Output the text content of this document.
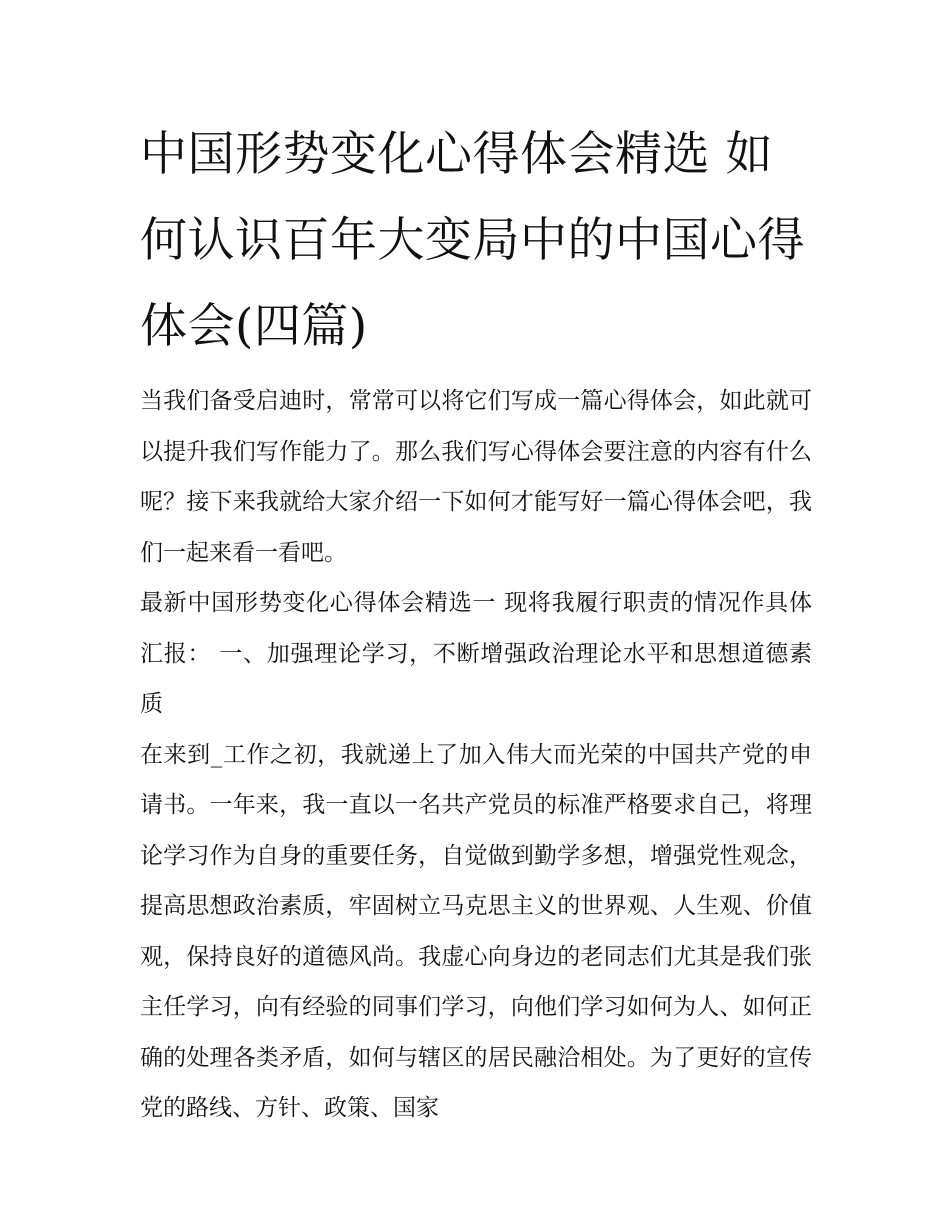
中国形势变化心得体会精选 如何认识百年大变局中的中国心得体会(四篇)

当我们备受启迪时，常常可以将它们写成一篇心得体会，如此就可以提升我们写作能力了。那么我们写心得体会要注意的内容有什么呢？接下来我就给大家介绍一下如何才能写好一篇心得体会吧，我们一起来看一看吧。

最新中国形势变化心得体会精选一 现将我履行职责的情况作具体汇报： 一、加强理论学习，不断增强政治理论水平和思想道德素质

在来到_工作之初，我就递上了加入伟大而光荣的中国共产党的申请书。一年来，我一直以一名共产党员的标准严格要求自己，将理论学习作为自身的重要任务，自觉做到勤学多想，增强党性观念，提高思想政治素质，牢固树立马克思主义的世界观、人生观、价值观，保持良好的道德风尚。我虚心向身边的老同志们尤其是我们张主任学习，向有经验的同事们学习，向他们学习如何为人、如何正确的处理各类矛盾，如何与辖区的居民融洽相处。为了更好的宣传党的路线、方针、政策、国家
